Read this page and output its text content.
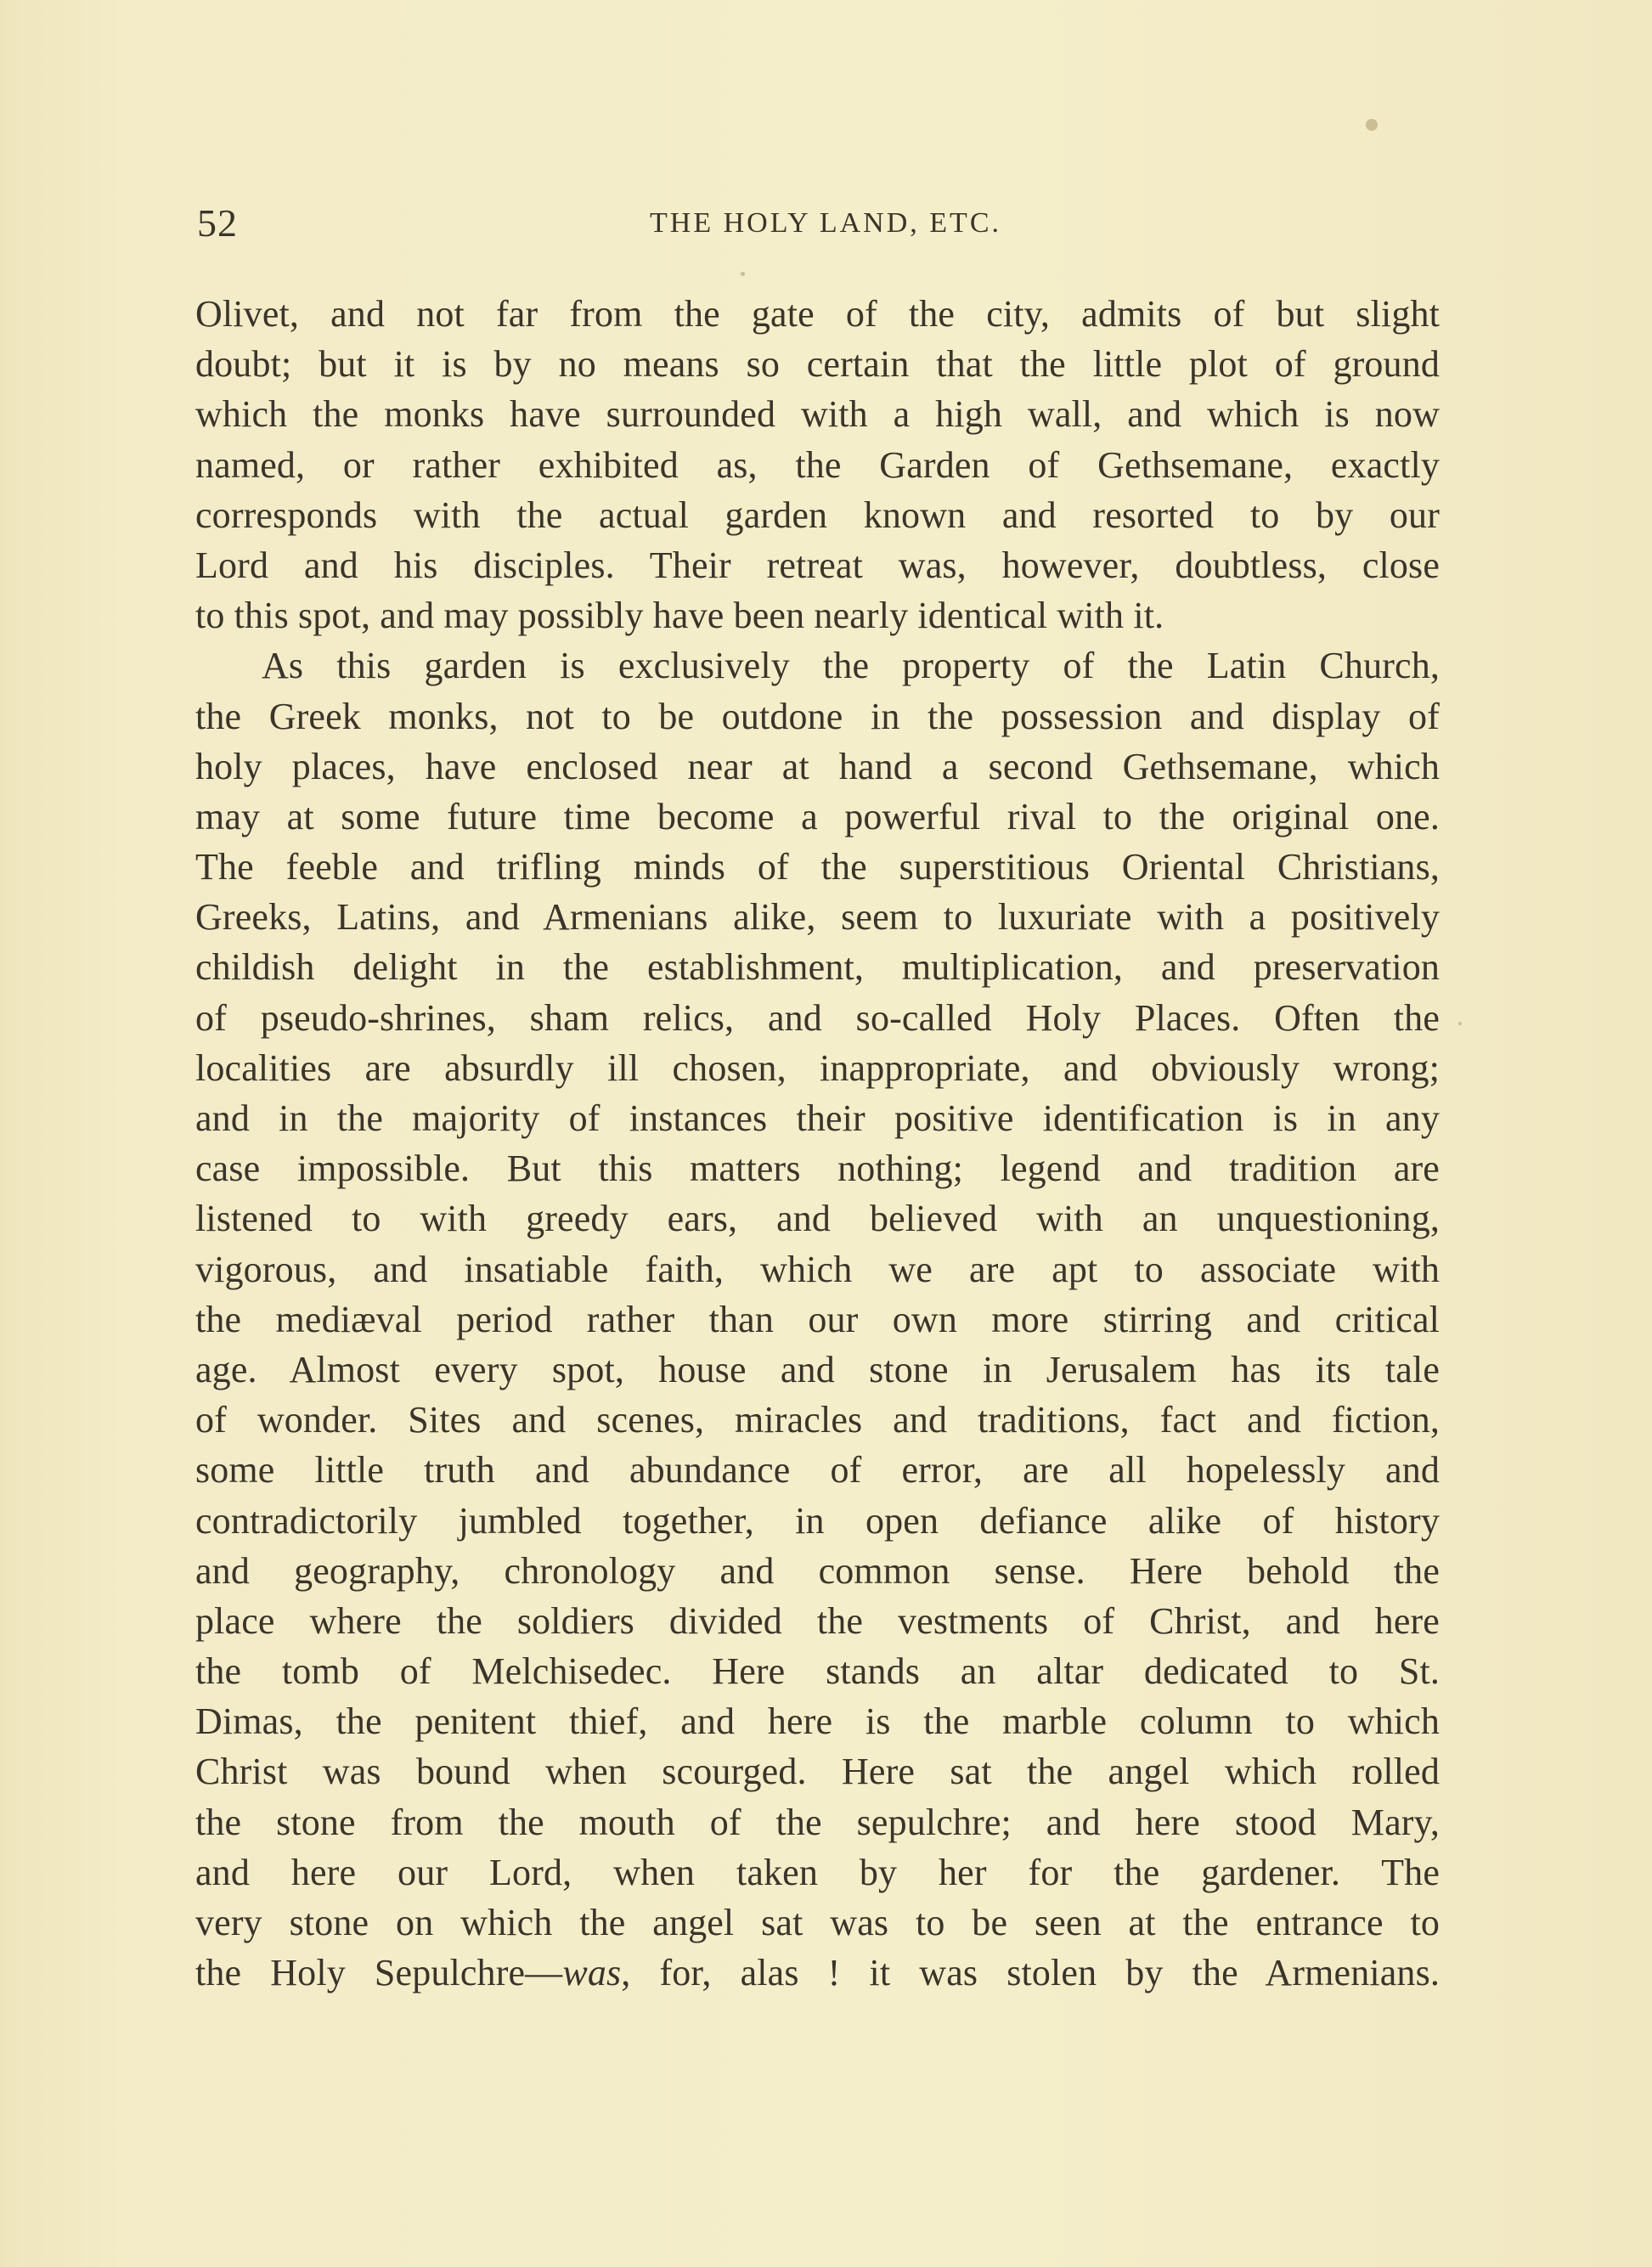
52	THE HOLY LAND, ETC.
Olivet, and not far from the gate of the city, admits of but slight
doubt; but it is by no means so certain that the little plot of ground
which the monks have surrounded with a high wall, and which is now
named, or rather exhibited as, the Garden of Gethsemane, exactly
corresponds with the actual garden known and resorted to by our
Lord and his disciples. Their retreat was, however, doubtless, close
to this spot, and may possibly have been nearly identical with it.
As this garden is exclusively the property of the Latin Church,
the Greek monks, not to be outdone in the possession and display of
holy places, have enclosed near at hand a second Gethsemane, which
may at some future time become a powerful rival to the original one.
The feeble and trifling minds of the superstitious Oriental Christians,
Greeks, Latins, and Armenians alike, seem to luxuriate with a positively
childish delight in the establishment, multiplication, and preservation
of pseudo-shrines, sham relics, and so-called Holy Places. Often the
localities are absurdly ill chosen, inappropriate, and obviously wrong;
and in the majority of instances their positive identification is in any
case impossible. But this matters nothing; legend and tradition are
listened to with greedy ears, and believed with an unquestioning,
vigorous, and insatiable faith, which we are apt to associate with
the mediæval period rather than our own more stirring and critical
age. Almost every spot, house and stone in Jerusalem has its tale
of wonder. Sites and scenes, miracles and traditions, fact and fiction,
some little truth and abundance of error, are all hopelessly and
contradictorily jumbled together, in open defiance alike of history
and geography, chronology and common sense. Here behold the
place where the soldiers divided the vestments of Christ, and here
the tomb of Melchisedec. Here stands an altar dedicated to St.
Dimas, the penitent thief, and here is the marble column to which
Christ was bound when scourged. Here sat the angel which rolled
the stone from the mouth of the sepulchre; and here stood Mary,
and here our Lord, when taken by her for the gardener. The
very stone on which the angel sat was to be seen at the entrance to
the Holy Sepulchre—was, for, alas ! it was stolen by the Armenians.
